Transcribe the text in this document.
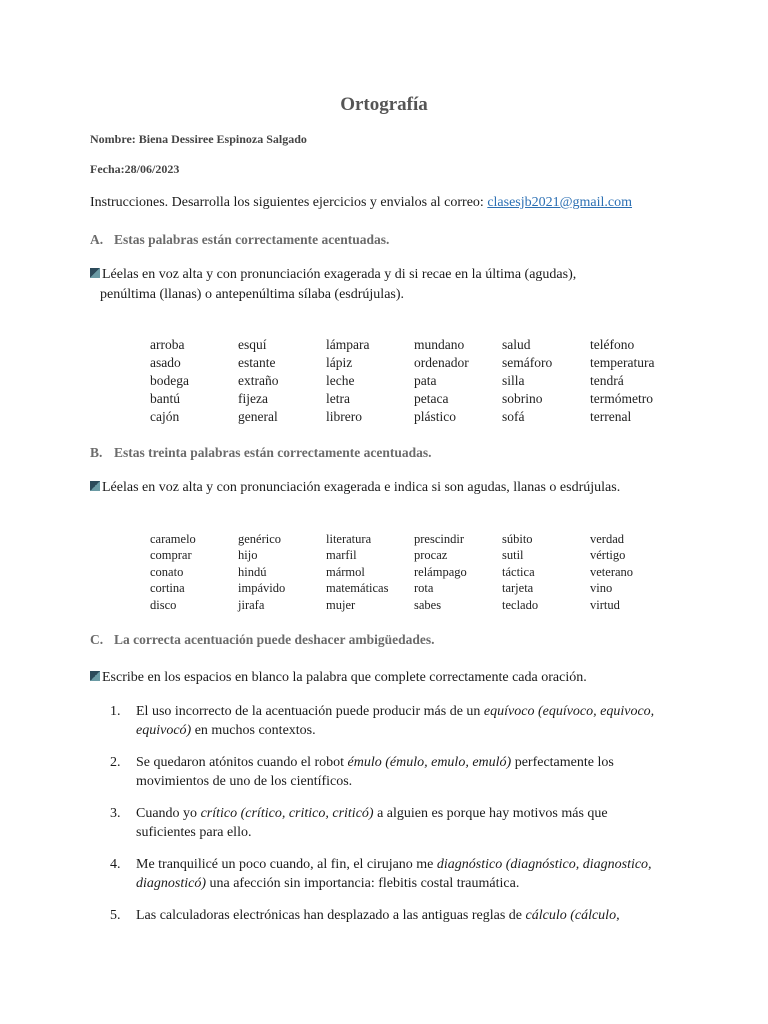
Ortografía
Nombre: Biena Dessiree Espinoza Salgado
Fecha:28/06/2023
Instrucciones. Desarrolla los siguientes ejercicios y envialos al correo: clasesjb2021@gmail.com
A. Estas palabras están correctamente acentuadas.
Léelas en voz alta y con pronunciación exagerada y di si recae en la última (agudas),
penúltima (llanas) o antepenúltima sílaba (esdrújulas).
arroba	esquí	lámpara	mundano	salud	teléfono
asado	estante	lápiz	ordenador	semáforo	temperatura
bodega	extraño	leche	pata	silla	tendrá
bantú	fijeza	letra	petaca	sobrino	termómetro
cajón	general	librero	plástico	sofá	terrenal
B. Estas treinta palabras están correctamente acentuadas.
Léelas en voz alta y con pronunciación exagerada e indica si son agudas, llanas o esdrújulas.
caramelo	genérico	literatura	prescindir	súbito	verdad
comprar	hijo	marfil	procaz	sutil	vértigo
conato	hindú	mármol	relámpago	táctica	veterano
cortina	impávido	matemáticas	rota	tarjeta	vino
disco	jirafa	mujer	sabes	teclado	virtud
C. La correcta acentuación puede deshacer ambigüedades.
Escribe en los espacios en blanco la palabra que complete correctamente cada oración.
1.	El uso incorrecto de la acentuación puede producir más de un equívoco (equívoco, equivoco, equivocó) en muchos contextos.
2.	Se quedaron atónitos cuando el robot émulo (émulo, emulo, emuló) perfectamente los movimientos de uno de los científicos.
3.	Cuando yo crítico (crítico, critico, criticó) a alguien es porque hay motivos más que suficientes para ello.
4.	Me tranquilicé un poco cuando, al fin, el cirujano me diagnóstico (diagnóstico, diagnostico, diagnosticó) una afección sin importancia: flebitis costal traumática.
5.	Las calculadoras electrónicas han desplazado a las antiguas reglas de cálculo (cálculo,
